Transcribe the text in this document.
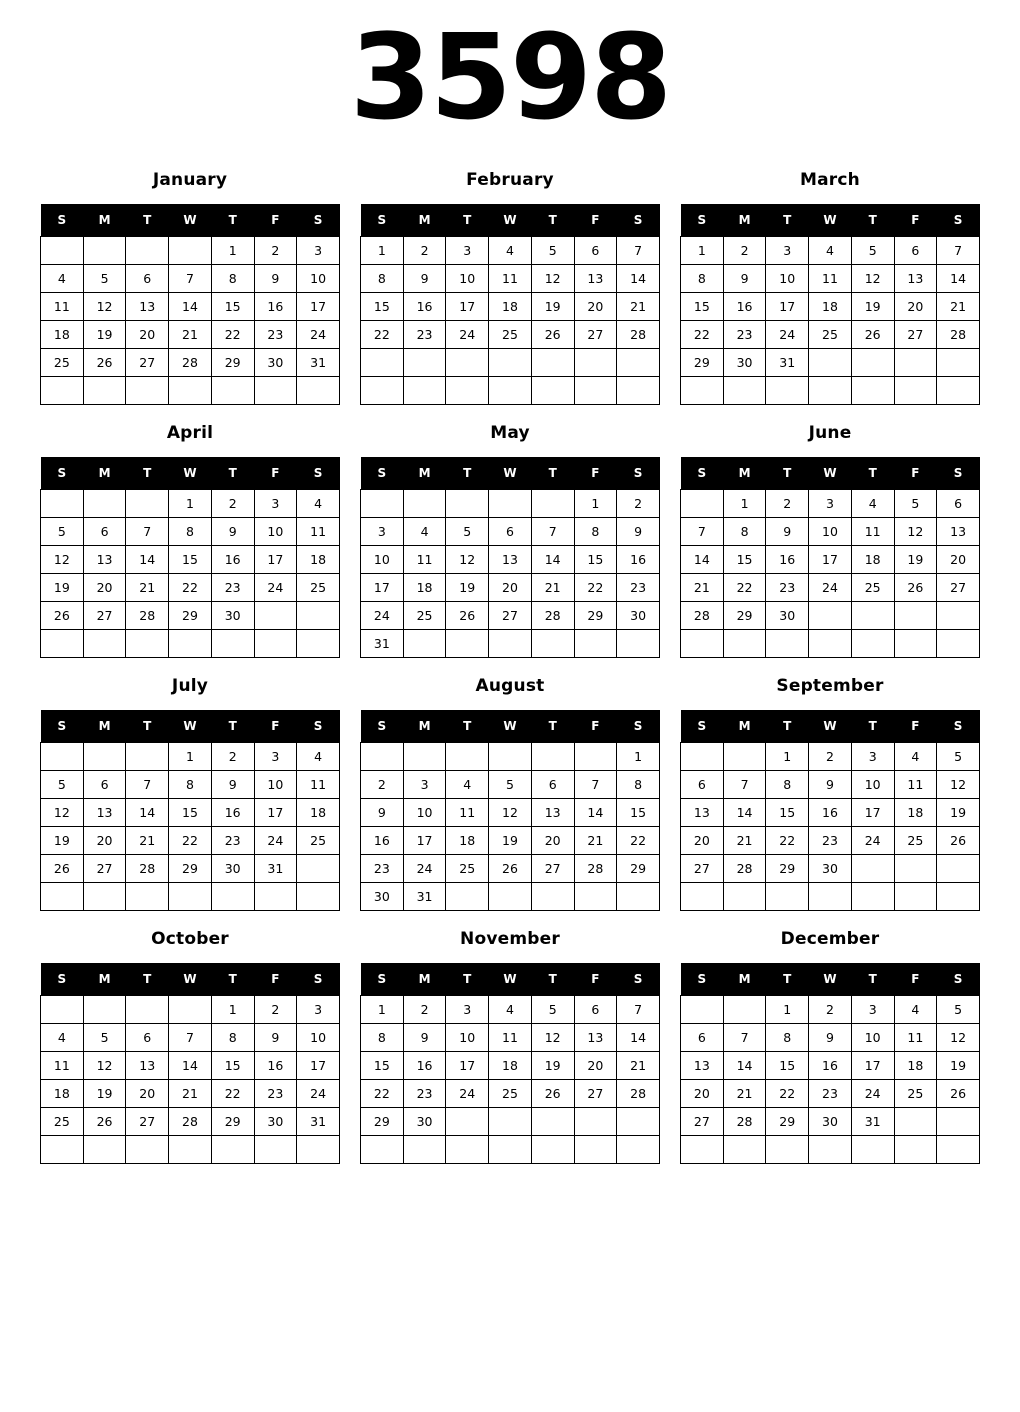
3598
January
S	M	T	W	T	F	S
				1	2	3
4	5	6	7	8	9	10
11	12	13	14	15	16	17
18	19	20	21	22	23	24
25	26	27	28	29	30	31

February
S	M	T	W	T	F	S
1	2	3	4	5	6	7
8	9	10	11	12	13	14
15	16	17	18	19	20	21
22	23	24	25	26	27	28

March
S	M	T	W	T	F	S
1	2	3	4	5	6	7
8	9	10	11	12	13	14
15	16	17	18	19	20	21
22	23	24	25	26	27	28
29	30	31				

April
S	M	T	W	T	F	S
			1	2	3	4
5	6	7	8	9	10	11
12	13	14	15	16	17	18
19	20	21	22	23	24	25
26	27	28	29	30		

May
S	M	T	W	T	F	S
					1	2
3	4	5	6	7	8	9
10	11	12	13	14	15	16
17	18	19	20	21	22	23
24	25	26	27	28	29	30
31						
June
S	M	T	W	T	F	S
	1	2	3	4	5	6
7	8	9	10	11	12	13
14	15	16	17	18	19	20
21	22	23	24	25	26	27
28	29	30				

July
S	M	T	W	T	F	S
			1	2	3	4
5	6	7	8	9	10	11
12	13	14	15	16	17	18
19	20	21	22	23	24	25
26	27	28	29	30	31	

August
S	M	T	W	T	F	S
						1
2	3	4	5	6	7	8
9	10	11	12	13	14	15
16	17	18	19	20	21	22
23	24	25	26	27	28	29
30	31					
September
S	M	T	W	T	F	S
		1	2	3	4	5
6	7	8	9	10	11	12
13	14	15	16	17	18	19
20	21	22	23	24	25	26
27	28	29	30			

October
S	M	T	W	T	F	S
				1	2	3
4	5	6	7	8	9	10
11	12	13	14	15	16	17
18	19	20	21	22	23	24
25	26	27	28	29	30	31

November
S	M	T	W	T	F	S
1	2	3	4	5	6	7
8	9	10	11	12	13	14
15	16	17	18	19	20	21
22	23	24	25	26	27	28
29	30					

December
S	M	T	W	T	F	S
		1	2	3	4	5
6	7	8	9	10	11	12
13	14	15	16	17	18	19
20	21	22	23	24	25	26
27	28	29	30	31		
